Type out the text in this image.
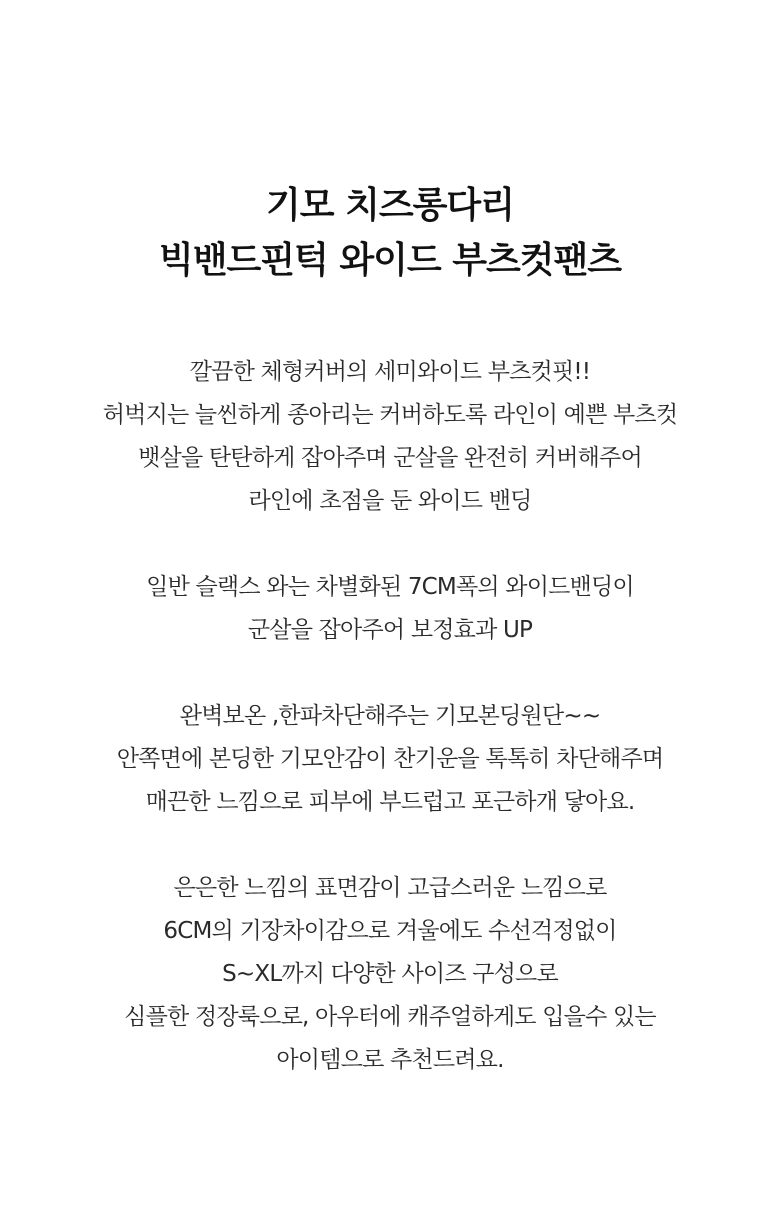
기모 치즈롱다리
빅밴드핀턱 와이드 부츠컷팬츠

깔끔한 체형커버의 세미와이드 부츠컷핏!!
허벅지는 늘씬하게 종아리는 커버하도록 라인이 예쁜 부츠컷
뱃살을 탄탄하게 잡아주며 군살을 완전히 커버해주어
라인에 초점을 둔 와이드 밴딩

일반 슬랙스 와는 차별화된 7CM폭의 와이드밴딩이
군살을 잡아주어 보정효과 UP

완벽보온 ,한파차단해주는 기모본딩원단~~
안쪽면에 본딩한 기모안감이 찬기운을 톡톡히 차단해주며
매끈한 느낌으로 피부에 부드럽고 포근하개 닿아요.

은은한 느낌의 표면감이 고급스러운 느낌으로
6CM의 기장차이감으로 겨울에도 수선걱정없이
S~XL까지 다양한 사이즈 구성으로
심플한 정장룩으로, 아우터에 캐주얼하게도 입을수 있는
아이템으로 추천드려요.
